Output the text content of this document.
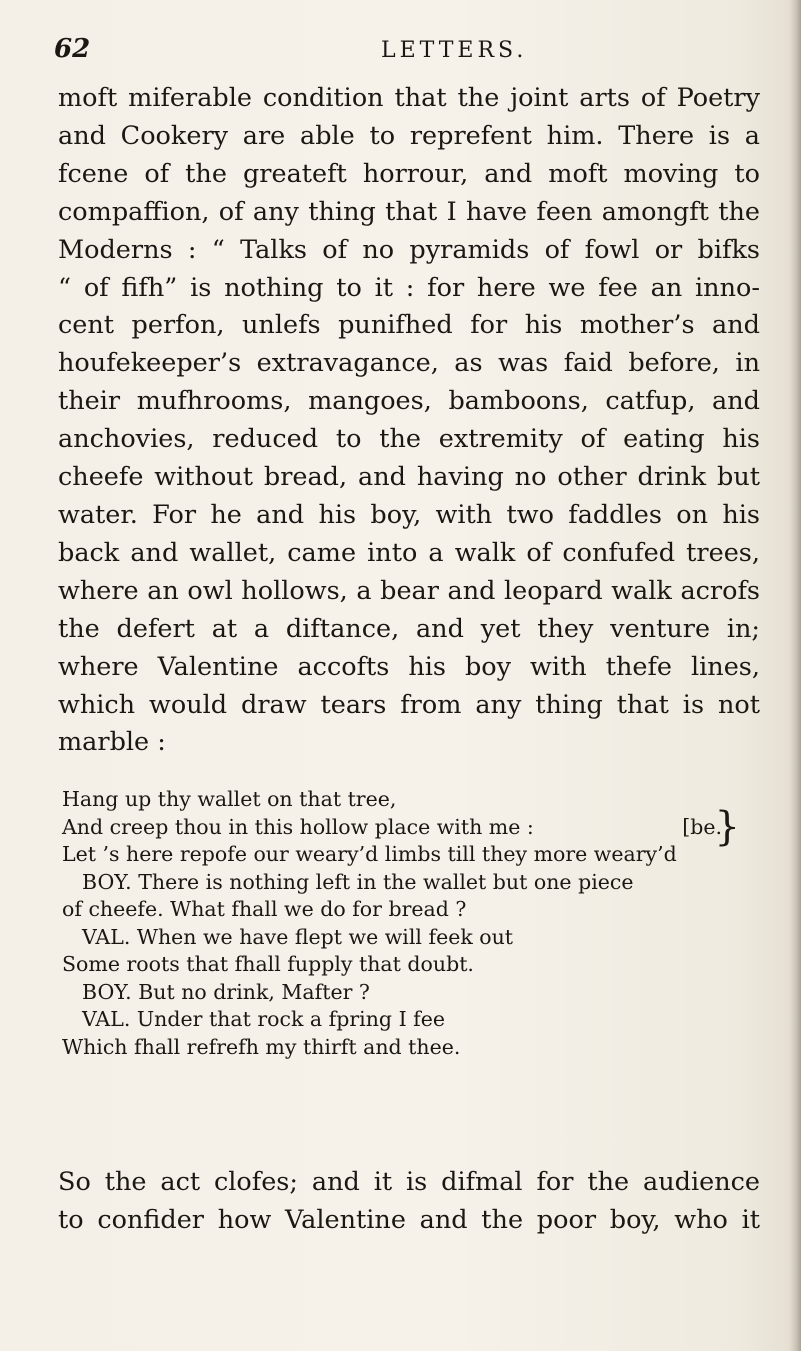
62	LETTERS.
moft miferable condition that the joint arts of Poetry
and Cookery are able to reprefent him. There is a
fcene of the greateft horrour, and moft moving to
compaffion, of any thing that I have feen amongft the
Moderns : “ Talks of no pyramids of fowl or bifks
“ of fifh” is nothing to it : for here we fee an inno-
cent perfon, unlefs punifhed for his mother’s and
houfekeeper’s extravagance, as was faid before, in
their mufhrooms, mangoes, bamboons, catfup, and
anchovies, reduced to the extremity of eating his
cheefe without bread, and having no other drink but
water. For he and his boy, with two faddles on his
back and wallet, came into a walk of confufed trees,
where an owl hollows, a bear and leopard walk acrofs
the defert at a diftance, and yet they venture in;
where Valentine accofts his boy with thefe lines,
which would draw tears from any thing that is not
marble :
Hang up thy wallet on that tree,
And creep thou in this hollow place with me :	[be.
Let ’s here repofe our weary’d limbs till they more weary’d
}
BOY. There is nothing left in the wallet but one piece
of cheefe. What fhall we do for bread ?
VAL. When we have flept we will feek out
Some roots that fhall fupply that doubt.
BOY. But no drink, Mafter ?
VAL. Under that rock a fpring I fee
Which fhall refrefh my thirft and thee.
So the act clofes; and it is difmal for the audience
to confider how Valentine and the poor boy, who it
